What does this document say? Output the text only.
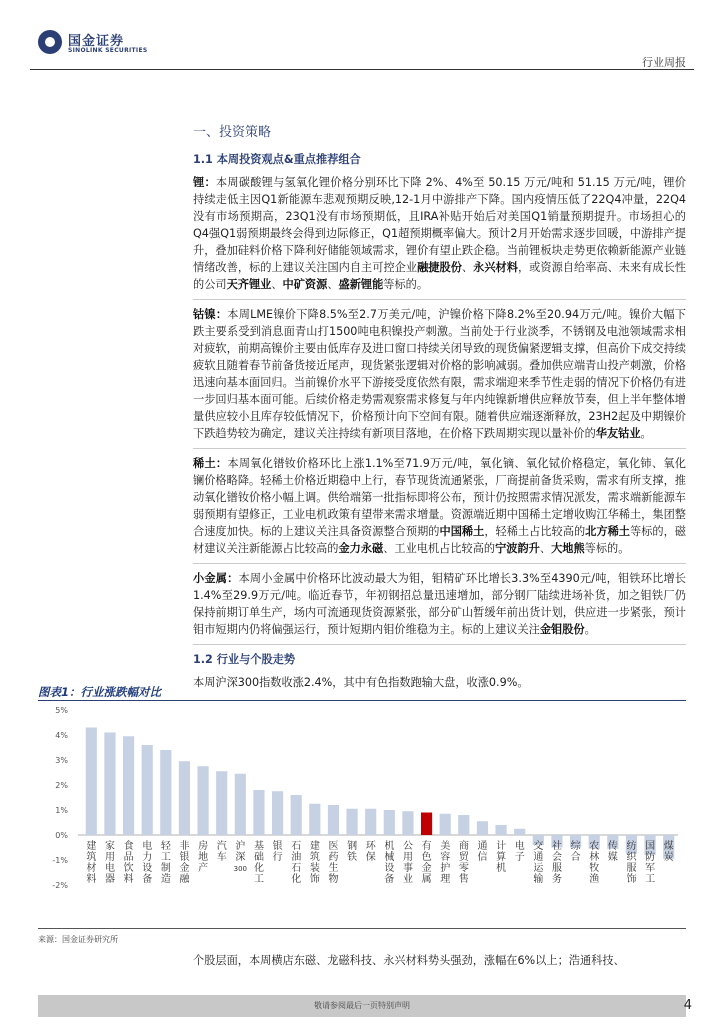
国金证券
SINOLINK SECURITIES
行业周报
一、投资策略
1.1 本周投资观点&重点推荐组合
锂：本周碳酸锂与氢氧化锂价格分别环比下降 2%、4%至 50.15 万元/吨和 51.15 万元/吨，锂价持续走低主因Q1新能源车悲观预期反映,12-1月中游排产下降。国内疫情压低了22Q4冲量，22Q4没有市场预期高，23Q1没有市场预期低，且IRA补贴开始后对美国Q1销量预期提升。市场担心的Q4强Q1弱预期最终会得到边际修正，Q1超预期概率偏大。预计2月开始需求逐步回暖，中游排产提升，叠加硅料价格下降利好储能领域需求，锂价有望止跌企稳。当前锂板块走势更依赖新能源产业链情绪改善，标的上建议关注国内自主可控企业融捷股份、永兴材料，或资源自给率高、未来有成长性的公司天齐锂业、中矿资源、盛新锂能等标的。
钴镍：本周LME镍价下降8.5%至2.7万美元/吨，沪镍价格下降8.2%至20.94万元/吨。镍价大幅下跌主要系受到消息面青山打1500吨电积镍投产刺激。当前处于行业淡季，不锈钢及电池领域需求相对疲软，前期高镍价主要由低库存及进口窗口持续关闭导致的现货偏紧逻辑支撑，但高价下成交持续疲软且随着春节前备货接近尾声，现货紧张逻辑对价格的影响减弱。叠加供应端青山投产刺激，价格迅速向基本面回归。当前镍价水平下游接受度依然有限，需求端迎来季节性走弱的情况下价格仍有进一步回归基本面可能。后续价格走势需观察需求修复与年内纯镍新增供应释放节奏，但上半年整体增量供应较小且库存较低情况下，价格预计向下空间有限。随着供应端逐渐释放，23H2起及中期镍价下跌趋势较为确定，建议关注持续有新项目落地，在价格下跌周期实现以量补价的华友钴业。
稀土：本周氧化镨钕价格环比上涨1.1%至71.9万元/吨，氧化镝、氧化铽价格稳定，氧化铈、氧化镧价格略降。轻稀土价格近期稳中上行，春节现货流通紧张，厂商提前备货采购，需求有所支撑，推动氧化镨钕价格小幅上调。供给端第一批指标即将公布，预计仍按照需求情况派发，需求端新能源车弱预期有望修正，工业电机政策有望带来需求增量。资源端近期中国稀土定增收购江华稀土，集团整合速度加快。标的上建议关注具备资源整合预期的中国稀土，轻稀土占比较高的北方稀土等标的，磁材建议关注新能源占比较高的金力永磁、工业电机占比较高的宁波韵升、大地熊等标的。
小金属：本周小金属中价格环比波动最大为钼，钼精矿环比增长3.3%至4390元/吨，钼铁环比增长1.4%至29.9万元/吨。临近春节，年初钢招总量迅速增加，部分钢厂陆续进场补货，加之钼铁厂仍保持前期订单生产，场内可流通现货资源紧张，部分矿山暂缓年前出货计划，供应进一步紧张，预计钼市短期内仍将偏强运行，预计短期内钼价维稳为主。标的上建议关注金钼股份。
1.2 行业与个股走势
本周沪深300指数收涨2.4%，其中有色指数跑输大盘，收涨0.9%。
图表1：行业涨跌幅对比
5%
4%
3%
2%
1%
0%
-1%
-2%
建筑材料
家用电器
食品饮料
电力设备
轻工制造
非银金融
房地产
汽车
沪深 300
基础化工
银行
石油石化
建筑装饰
医药生物
钢铁
环保
机械设备
公用事业
有色金属
美容护理
商贸零售
通信
计算机
电子
交通运输
社会服务
综合
农林牧渔
传媒
纺织服饰
国防军工
煤炭
来源：国金证券研究所
个股层面，本周横店东磁、龙磁科技、永兴材料势头强劲，涨幅在6%以上；浩通科技、
敬请参阅最后一页特别声明	4
